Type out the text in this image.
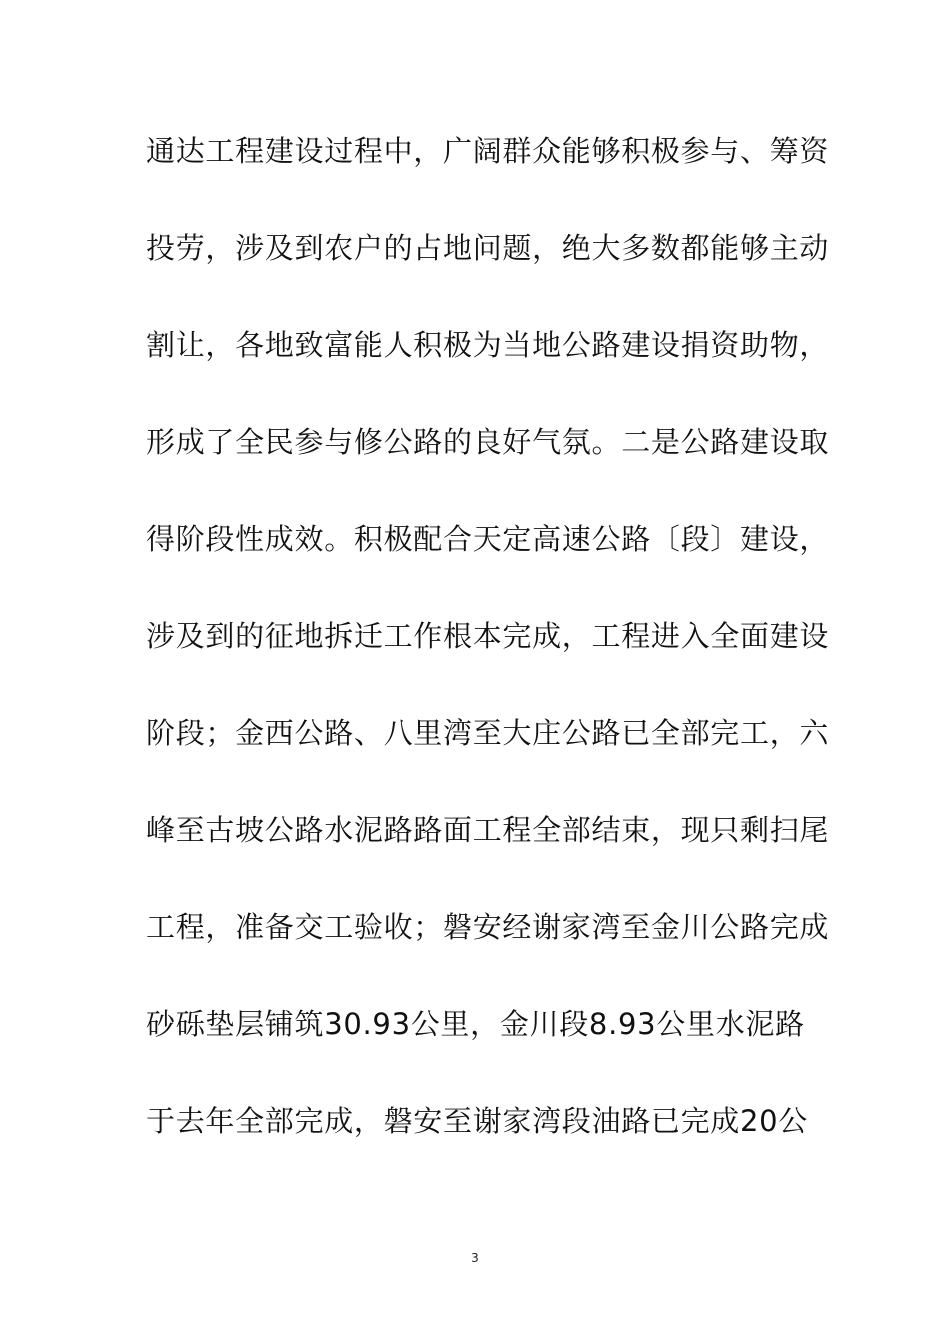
通达工程建设过程中，广阔群众能够积极参与、筹资
投劳，涉及到农户的占地问题，绝大多数都能够主动
割让，各地致富能人积极为当地公路建设捐资助物，
形成了全民参与修公路的良好气氛。二是公路建设取
得阶段性成效。积极配合天定高速公路〔段〕建设，
涉及到的征地拆迁工作根本完成，工程进入全面建设
阶段；金西公路、八里湾至大庄公路已全部完工，六
峰至古坡公路水泥路路面工程全部结束，现只剩扫尾
工程，准备交工验收；磐安经谢家湾至金川公路完成
砂砾垫层铺筑30.93公里，金川段8.93公里水泥路
于去年全部完成，磐安至谢家湾段油路已完成20公
3
